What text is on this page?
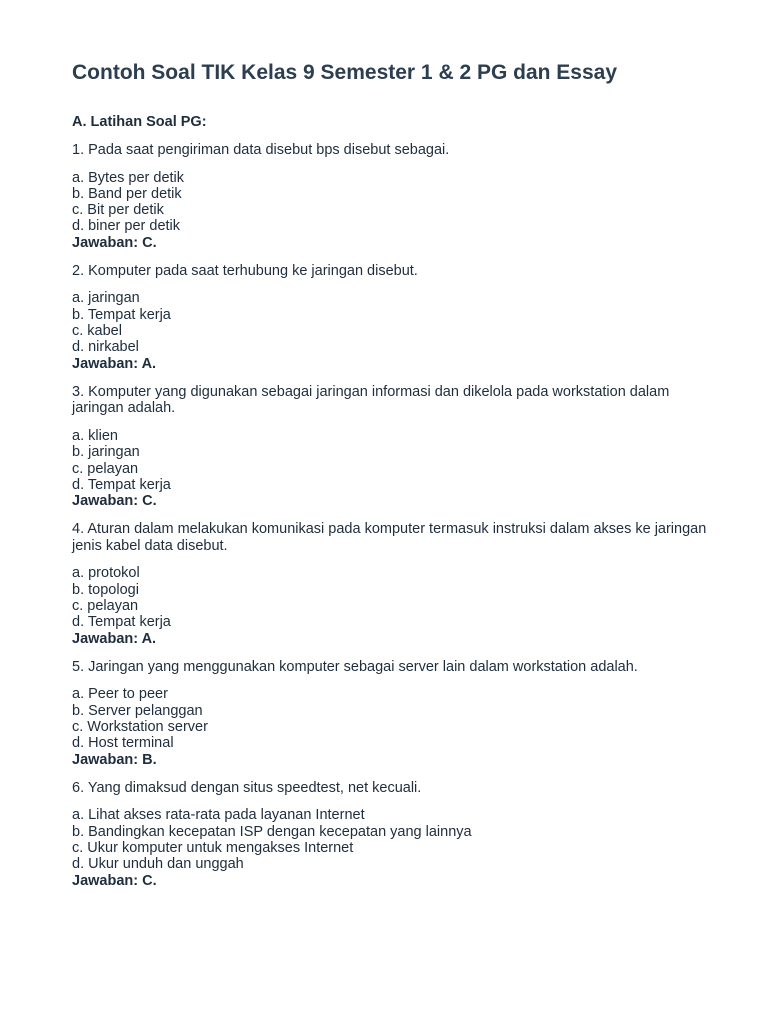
Contoh Soal TIK Kelas 9 Semester 1 & 2 PG dan Essay
A. Latihan Soal PG:

1. Pada saat pengiriman data disebut bps disebut sebagai.

a. Bytes per detik
b. Band per detik
c. Bit per detik
d. biner per detik
Jawaban: C.

2. Komputer pada saat terhubung ke jaringan disebut.

a. jaringan
b. Tempat kerja
c. kabel
d. nirkabel
Jawaban: A.

3. Komputer yang digunakan sebagai jaringan informasi dan dikelola pada workstation dalam jaringan adalah.

a. klien
b. jaringan
c. pelayan
d. Tempat kerja
Jawaban: C.

4. Aturan dalam melakukan komunikasi pada komputer termasuk instruksi dalam akses ke jaringan jenis kabel data disebut.

a. protokol
b. topologi
c. pelayan
d. Tempat kerja
Jawaban: A.

5. Jaringan yang menggunakan komputer sebagai server lain dalam workstation adalah.

a. Peer to peer
b. Server pelanggan
c. Workstation server
d. Host terminal
Jawaban: B.

6. Yang dimaksud dengan situs speedtest, net kecuali.

a. Lihat akses rata-rata pada layanan Internet
b. Bandingkan kecepatan ISP dengan kecepatan yang lainnya
c. Ukur komputer untuk mengakses Internet
d. Ukur unduh dan unggah
Jawaban: C.
